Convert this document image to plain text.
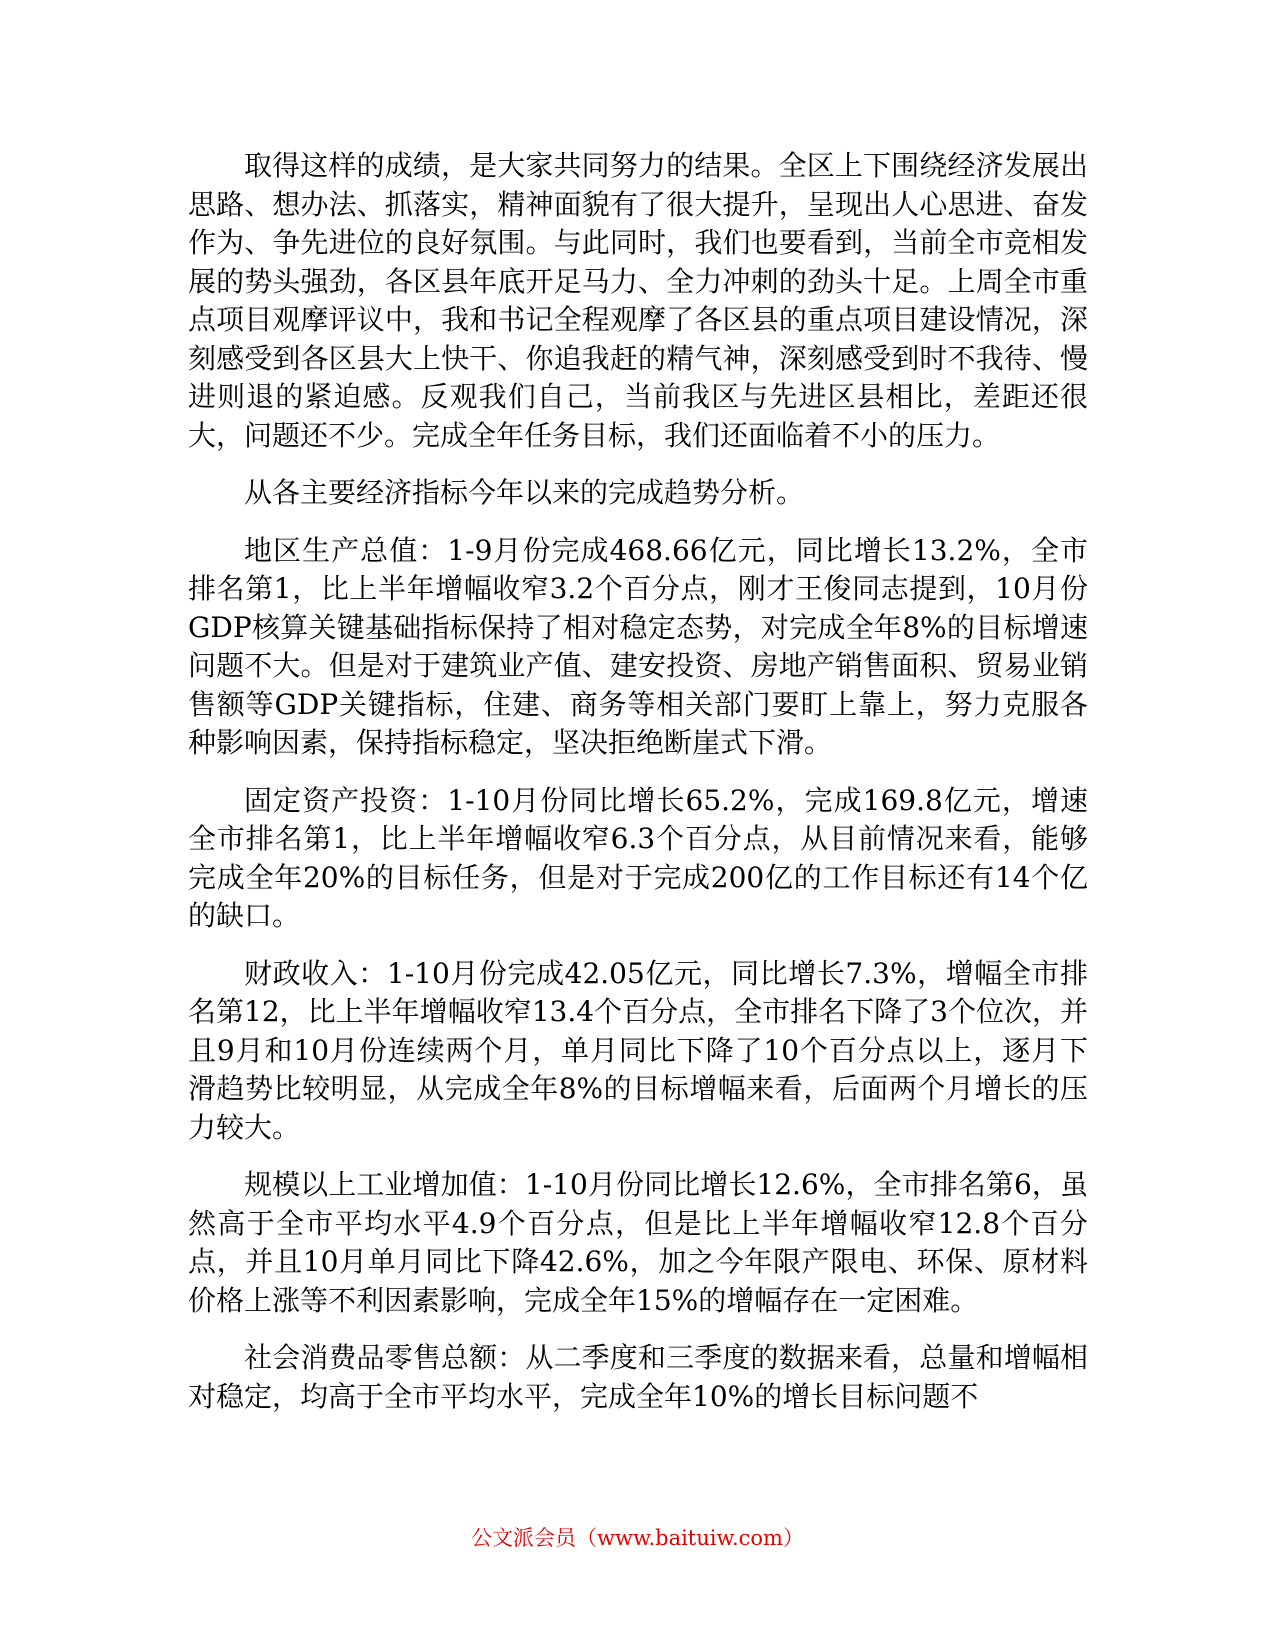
取得这样的成绩，是大家共同努力的结果。全区上下围绕经济发展出思路、想办法、抓落实，精神面貌有了很大提升，呈现出人心思进、奋发作为、争先进位的良好氛围。与此同时，我们也要看到，当前全市竞相发展的势头强劲，各区县年底开足马力、全力冲刺的劲头十足。上周全市重点项目观摩评议中，我和书记全程观摩了各区县的重点项目建设情况，深刻感受到各区县大上快干、你追我赶的精气神，深刻感受到时不我待、慢进则退的紧迫感。反观我们自己，当前我区与先进区县相比，差距还很大，问题还不少。完成全年任务目标，我们还面临着不小的压力。

从各主要经济指标今年以来的完成趋势分析。

地区生产总值：1-9月份完成468.66亿元，同比增长13.2%，全市排名第1，比上半年增幅收窄3.2个百分点，刚才王俊同志提到，10月份GDP核算关键基础指标保持了相对稳定态势，对完成全年8%的目标增速问题不大。但是对于建筑业产值、建安投资、房地产销售面积、贸易业销售额等GDP关键指标，住建、商务等相关部门要盯上靠上，努力克服各种影响因素，保持指标稳定，坚决拒绝断崖式下滑。

固定资产投资：1-10月份同比增长65.2%，完成169.8亿元，增速全市排名第1，比上半年增幅收窄6.3个百分点，从目前情况来看，能够完成全年20%的目标任务，但是对于完成200亿的工作目标还有14个亿的缺口。

财政收入：1-10月份完成42.05亿元，同比增长7.3%，增幅全市排名第12，比上半年增幅收窄13.4个百分点，全市排名下降了3个位次，并且9月和10月份连续两个月，单月同比下降了10个百分点以上，逐月下滑趋势比较明显，从完成全年8%的目标增幅来看，后面两个月增长的压力较大。

规模以上工业增加值：1-10月份同比增长12.6%，全市排名第6，虽然高于全市平均水平4.9个百分点，但是比上半年增幅收窄12.8个百分点，并且10月单月同比下降42.6%，加之今年限产限电、环保、原材料价格上涨等不利因素影响，完成全年15%的增幅存在一定困难。

社会消费品零售总额：从二季度和三季度的数据来看，总量和增幅相对稳定，均高于全市平均水平，完成全年10%的增长目标问题不

公文派会员（www.baituiw.com）
